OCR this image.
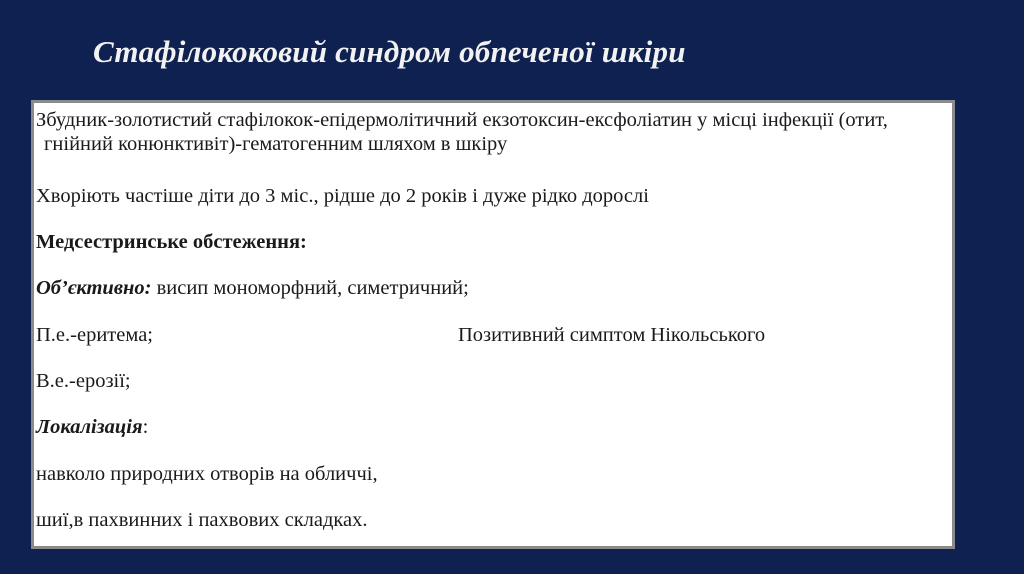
Стафілококовий синдром обпеченої шкіри

Збудник-золотистий стафілокок-епідермолітичний екзотоксин-ексфоліатин у місці інфекції (отит, гнійний конюнктивіт)-гематогенним шляхом в шкіру

Хворіють частіше діти до 3 міс., рідше до 2 років і дуже рідко дорослі

Медсестринське обстеження:

Об’єктивно: висип мономорфний, симетричний;

П.е.-еритема;	Позитивний симптом Нікольського

В.е.-ерозії;

Локалізація:

навколо природних отворів на обличчі,

шиї,в пахвинних і пахвових складках.
